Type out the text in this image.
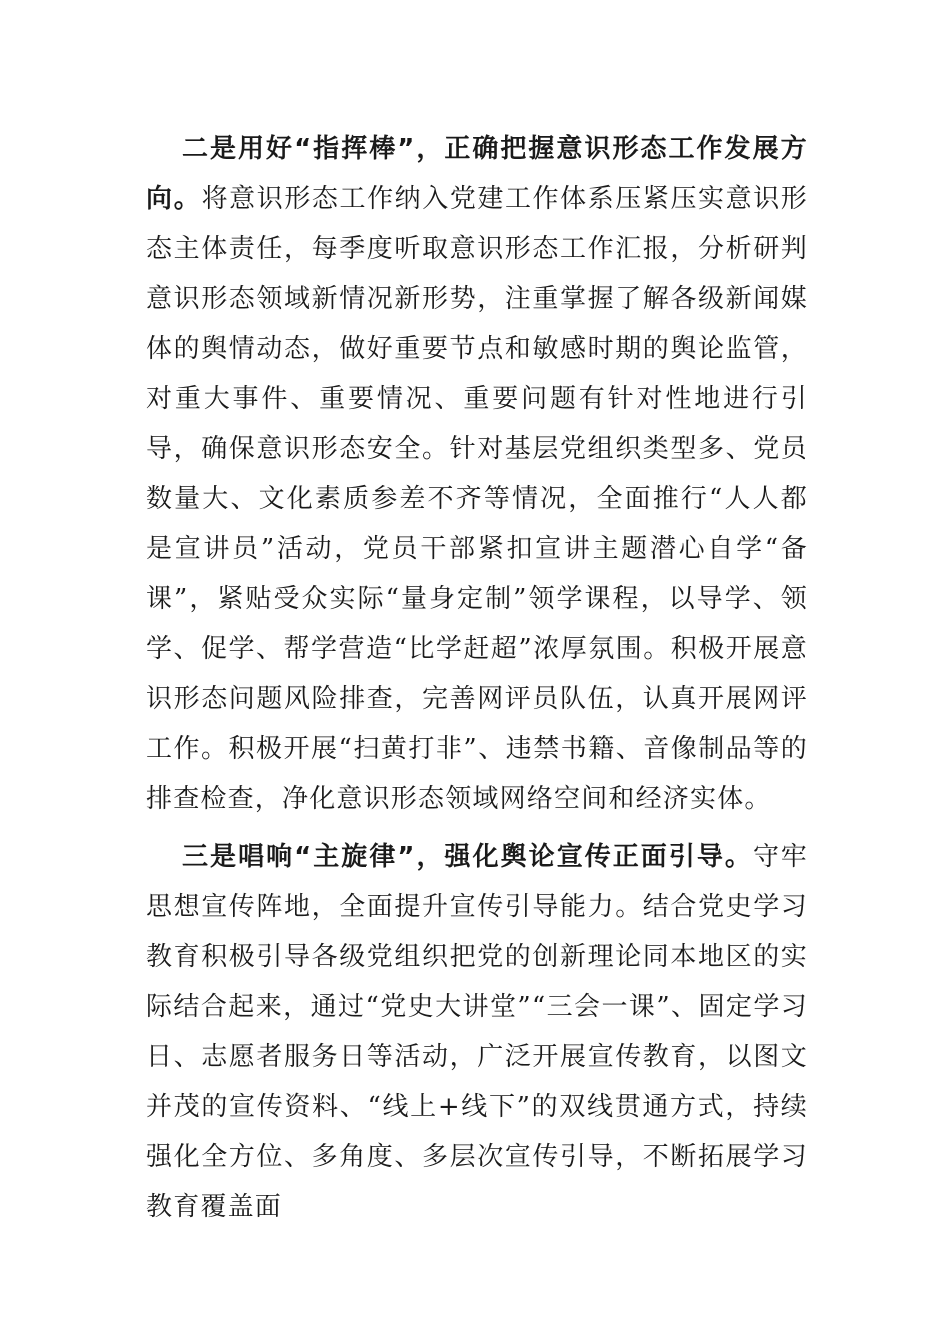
二是用好“指挥棒”，正确把握意识形态工作发展方向。将意识形态工作纳入党建工作体系压紧压实意识形态主体责任，每季度听取意识形态工作汇报，分析研判意识形态领域新情况新形势，注重掌握了解各级新闻媒体的舆情动态，做好重要节点和敏感时期的舆论监管，对重大事件、重要情况、重要问题有针对性地进行引导，确保意识形态安全。针对基层党组织类型多、党员数量大、文化素质参差不齐等情况，全面推行“人人都是宣讲员”活动，党员干部紧扣宣讲主题潜心自学“备课”，紧贴受众实际“量身定制”领学课程，以导学、领学、促学、帮学营造“比学赶超”浓厚氛围。积极开展意识形态问题风险排查，完善网评员队伍，认真开展网评工作。积极开展“扫黄打非”、违禁书籍、音像制品等的排查检查，净化意识形态领域网络空间和经济实体。

三是唱响“主旋律”，强化舆论宣传正面引导。守牢思想宣传阵地，全面提升宣传引导能力。结合党史学习教育积极引导各级党组织把党的创新理论同本地区的实际结合起来，通过“党史大讲堂”“三会一课”、固定学习日、志愿者服务日等活动，广泛开展宣传教育，以图文并茂的宣传资料、“线上+线下”的双线贯通方式，持续强化全方位、多角度、多层次宣传引导，不断拓展学习教育覆盖面
